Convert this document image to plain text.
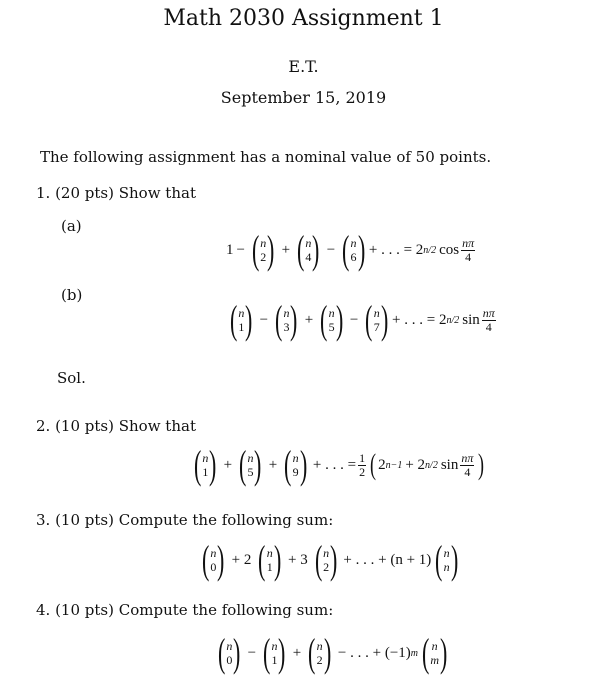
Math 2030 Assignment 1
E.T.
September 15, 2019
The following assignment has a nominal value of 50 points.
1. (20 pts) Show that
(a)
1 − ( n
2 ) + ( n
4 ) − ( n
6 ) + . . . = 2 n/2 $\cos \frac{n\pi}{4}$
(b)
( n
1 ) − ( n
3 ) + ( n
5 ) − ( n
7 ) + . . . = 2 n/2 $\sin \frac{n\pi}{4}$
Sol.
2. (10 pts) Show that
( n
1 ) + ( n
5 ) + ( n
9 ) + . . . = $\frac{1}{2}$ ( 2 n−1 + 2 n/2 $\sin \frac{n\pi}{4}$ )
3. (10 pts) Compute the following sum:
( n
0 ) + 2 ( n
1 ) + 3 ( n
2 ) + . . . + (n + 1) ( n
n )
4. (10 pts) Compute the following sum:
( n
0 ) − ( n
1 ) + ( n
2 ) − . . . + (−1) m ( n
m )
